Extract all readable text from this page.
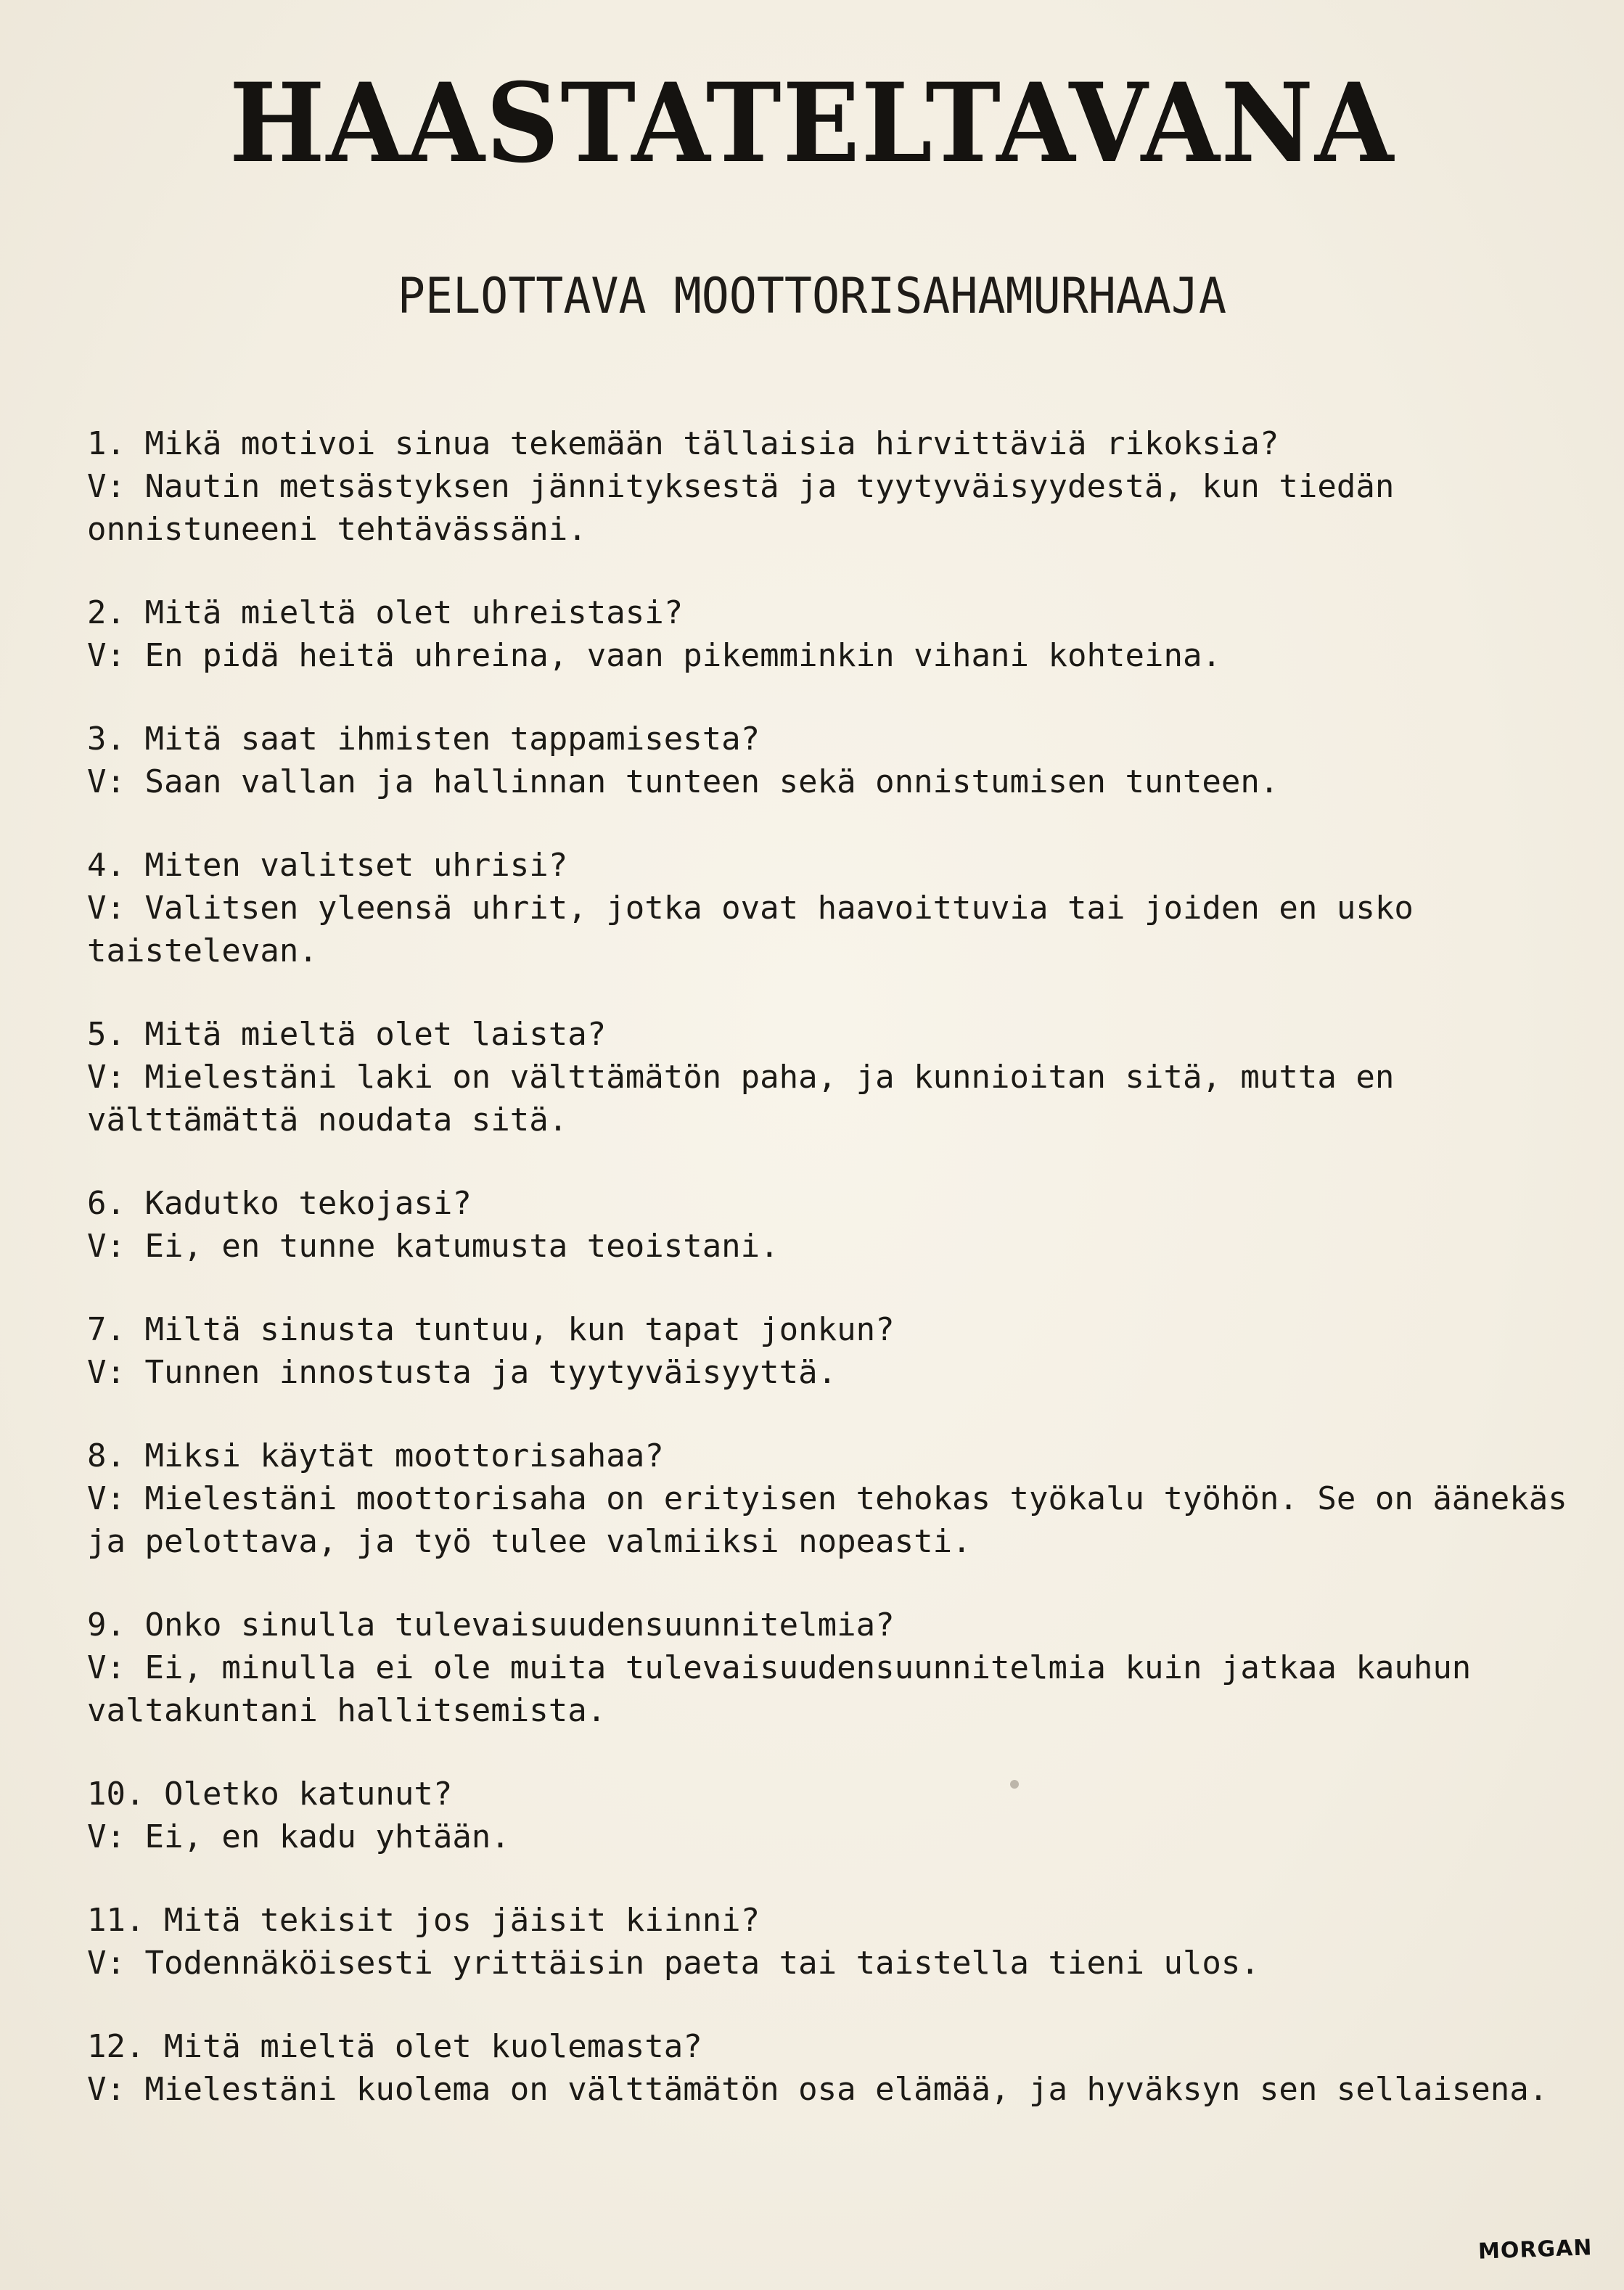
HAASTATELTAVANA
PELOTTAVA MOOTTORISAHAMURHAAJA
1. Mikä motivoi sinua tekemään tällaisia hirvittäviä rikoksia?
V: Nautin metsästyksen jännityksestä ja tyytyväisyydestä, kun tiedän onnistuneeni tehtävässäni.
2. Mitä mieltä olet uhreistasi?
V: En pidä heitä uhreina, vaan pikemminkin vihani kohteina.
3. Mitä saat ihmisten tappamisesta?
V: Saan vallan ja hallinnan tunteen sekä onnistumisen tunteen.
4. Miten valitset uhrisi?
V: Valitsen yleensä uhrit, jotka ovat haavoittuvia tai joiden en usko taistelevan.
5. Mitä mieltä olet laista?
V: Mielestäni laki on välttämätön paha, ja kunnioitan sitä, mutta en välttämättä noudata sitä.
6. Kadutko tekojasi?
V: Ei, en tunne katumusta teoistani.
7. Miltä sinusta tuntuu, kun tapat jonkun?
V: Tunnen innostusta ja tyytyväisyyttä.
8. Miksi käytät moottorisahaa?
V: Mielestäni moottorisaha on erityisen tehokas työkalu työhön. Se on äänekäs ja pelottava, ja työ tulee valmiiksi nopeasti.
9. Onko sinulla tulevaisuudensuunnitelmia?
V: Ei, minulla ei ole muita tulevaisuudensuunnitelmia kuin jatkaa kauhun valtakuntani hallitsemista.
10. Oletko katunut?
V: Ei, en kadu yhtään.
11. Mitä tekisit jos jäisit kiinni?
V: Todennäköisesti yrittäisin paeta tai taistella tieni ulos.
12. Mitä mieltä olet kuolemasta?
V: Mielestäni kuolema on välttämätön osa elämää, ja hyväksyn sen sellaisena.
MORGAN
